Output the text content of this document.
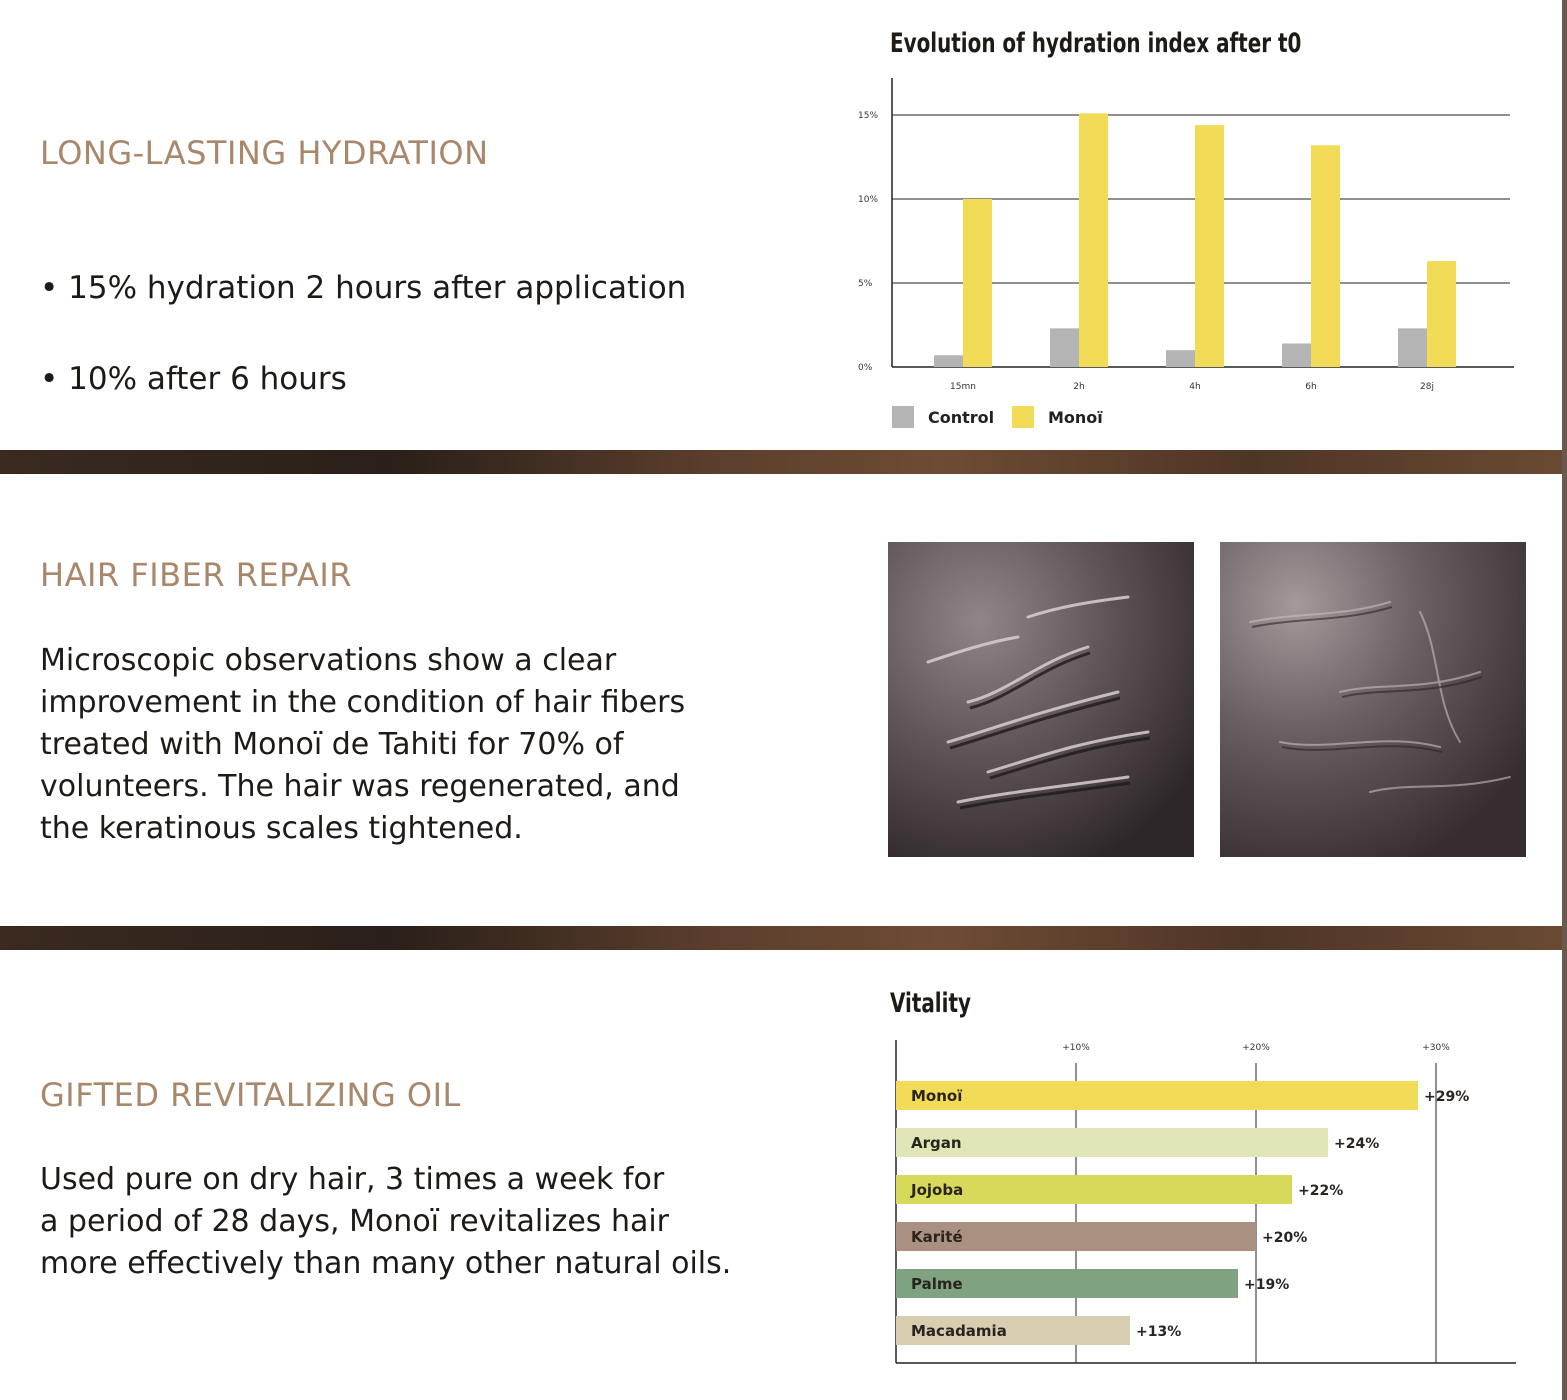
LONG-LASTING HYDRATION

• 15% hydration 2 hours after application

• 10% after 6 hours

Evolution of hydration index after t0
0%
5%
10%
15%
15mn	2h	4h	6h	28j
Control	Monoï
HAIR FIBER REPAIR
Microscopic observations show a clear
improvement in the condition of hair fibers
treated with Monoï de Tahiti for 70% of
volunteers. The hair was regenerated, and
the keratinous scales tightened.
GIFTED REVITALIZING OIL
Used pure on dry hair, 3 times a week for
a period of 28 days, Monoï revitalizes hair
more effectively than many other natural oils.
Vitality
+10%	+20%	+30%
Monoï	+29%
Argan	+24%
Jojoba	+22%
Karité	+20%
Palme	+19%
Macadamia	+13%
